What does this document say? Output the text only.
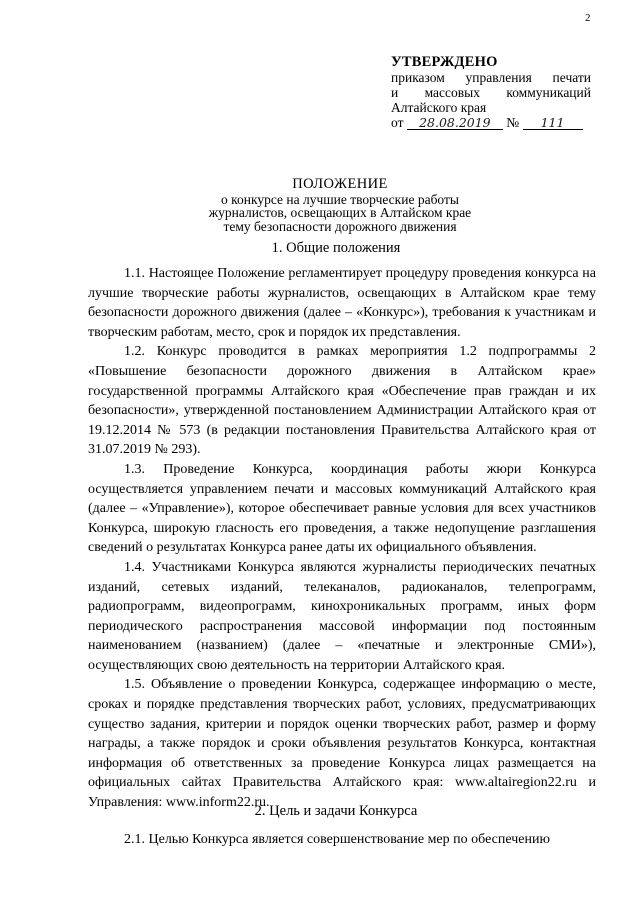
2
УТВЕРЖДЕНО
приказом управления печати
и массовых коммуникаций
Алтайского края
от 28.08.2019 № 111
ПОЛОЖЕНИЕ
о конкурсе на лучшие творческие работы
журналистов, освещающих в Алтайском крае
тему безопасности дорожного движения
1. Общие положения

1.1. Настоящее Положение регламентирует процедуру проведения конкурса на лучшие творческие работы журналистов, освещающих в Алтайском крае тему безопасности дорожного движения (далее – «Конкурс»), требования к участникам и творческим работам, место, срок и порядок их представления.

1.2. Конкурс проводится в рамках мероприятия 1.2 подпрограммы 2 «Повышение безопасности дорожного движения в Алтайском крае» государственной программы Алтайского края «Обеспечение прав граждан и их безопасности», утвержденной постановлением Администрации Алтайского края от 19.12.2014 № 573 (в редакции постановления Правительства Алтайского края от 31.07.2019 № 293).

1.3. Проведение Конкурса, координация работы жюри Конкурса осуществляется управлением печати и массовых коммуникаций Алтайского края (далее – «Управление»), которое обеспечивает равные условия для всех участников Конкурса, широкую гласность его проведения, а также недопущение разглашения сведений о результатах Конкурса ранее даты их официального объявления.

1.4. Участниками Конкурса являются журналисты периодических печатных изданий, сетевых изданий, телеканалов, радиоканалов, телепрограмм, радиопрограмм, видеопрограмм, кинохроникальных программ, иных форм периодического распространения массовой информации под постоянным наименованием (названием) (далее – «печатные и электронные СМИ»), осуществляющих свою деятельность на территории Алтайского края.

1.5. Объявление о проведении Конкурса, содержащее информацию о месте, сроках и порядке представления творческих работ, условиях, предусматривающих существо задания, критерии и порядок оценки творческих работ, размер и форму награды, а также порядок и сроки объявления результатов Конкурса, контактная информация об ответственных за проведение Конкурса лицах размещается на официальных сайтах Правительства Алтайского края: www.altairegion22.ru и Управления: www.inform22.ru.

2. Цель и задачи Конкурса

2.1. Целью Конкурса является совершенствование мер по обеспечению
